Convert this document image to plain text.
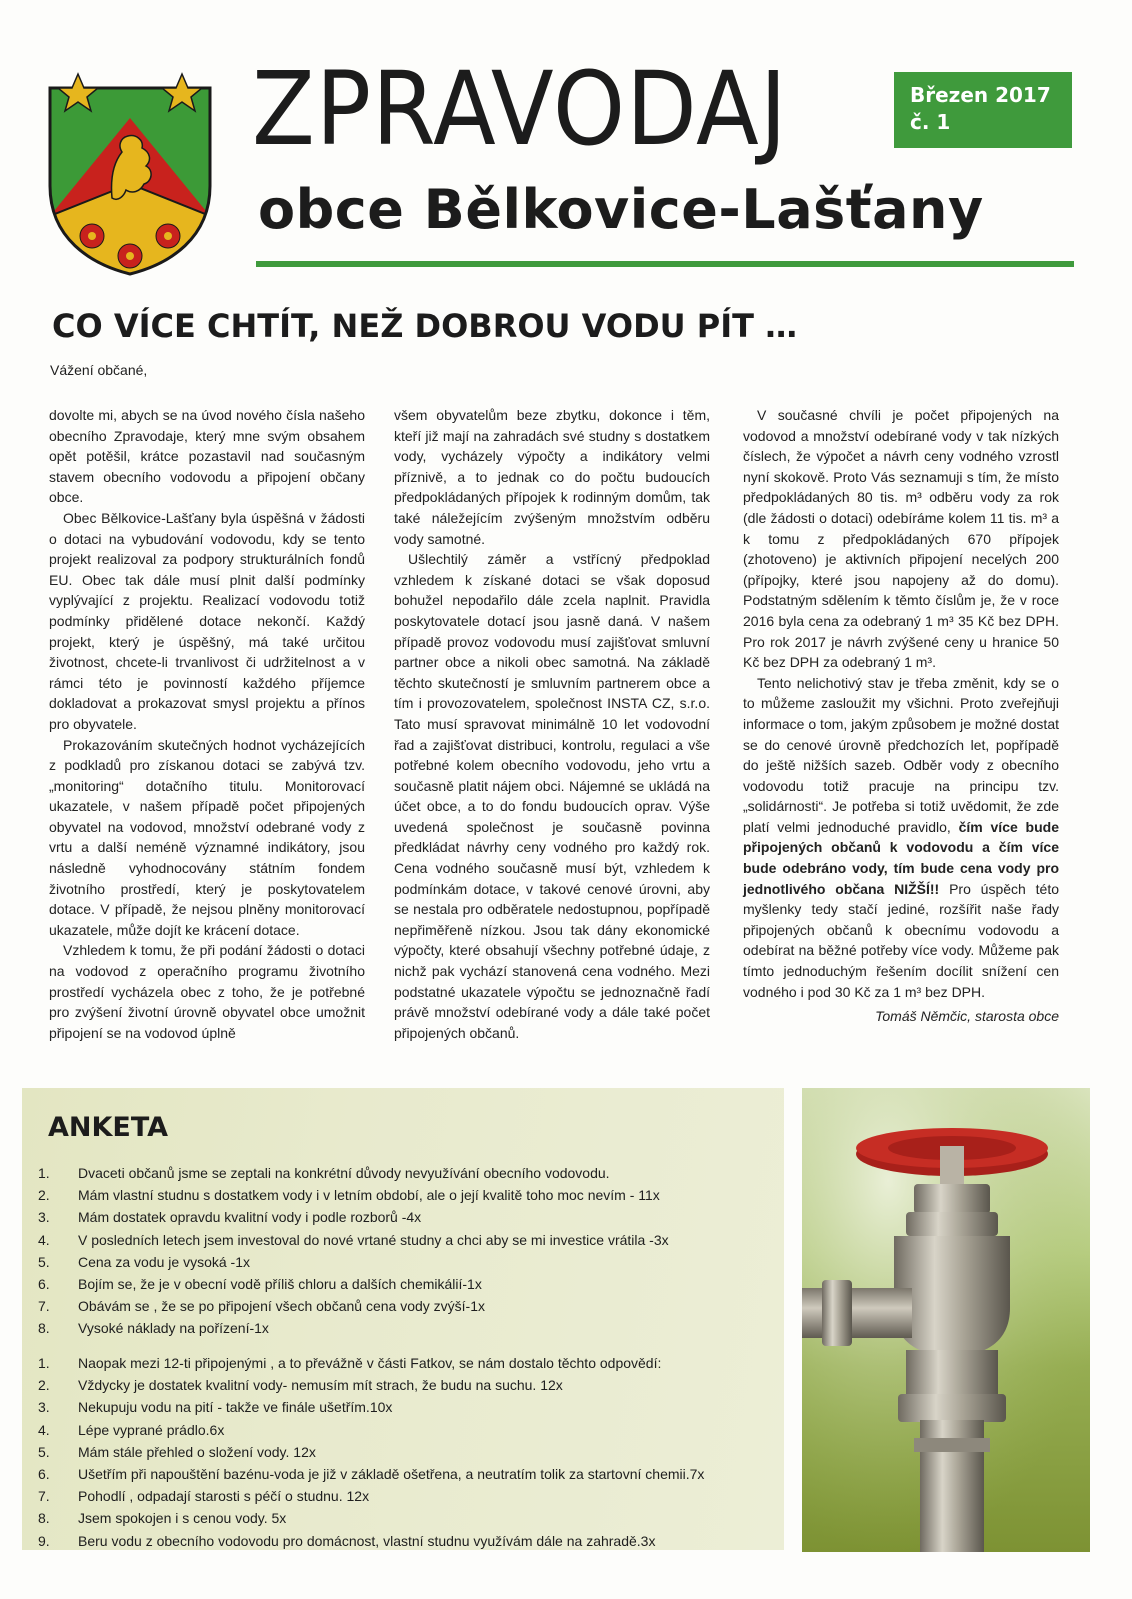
ZPRAVODAJ	Březen 2017
č. 1
obce Bělkovice-Lašťany
CO VÍCE CHTÍT, NEŽ DOBROU VODU PÍT …

Vážení občané,

dovolte mi, abych se na úvod nového čísla našeho obecního Zpravodaje, který mne svým obsahem opět potěšil, krátce pozastavil nad současným stavem obecního vodovodu a připojení občany obce.

Obec Bělkovice-Lašťany byla úspěšná v žádosti o dotaci na vybudování vodovodu, kdy se tento projekt realizoval za podpory strukturálních fondů EU. Obec tak dále musí plnit další podmínky vyplývající z projektu. Realizací vodovodu totiž podmínky přidělené dotace nekončí. Každý projekt, který je úspěšný, má také určitou životnost, chcete-li trvanlivost či udržitelnost a v rámci této je povinností každého příjemce dokladovat a prokazovat smysl projektu a přínos pro obyvatele.

Prokazováním skutečných hodnot vycházejících z podkladů pro získanou dotaci se zabývá tzv. „monitoring“ dotačního titulu. Monitorovací ukazatele, v našem případě počet připojených obyvatel na vodovod, množství odebrané vody z vrtu a další neméně významné indikátory, jsou následně vyhodnocovány státním fondem životního prostředí, který je poskytovatelem dotace. V případě, že nejsou plněny monitorovací ukazatele, může dojít ke krácení dotace.

Vzhledem k tomu, že při podání žádosti o dotaci na vodovod z operačního programu životního prostředí vycházela obec z toho, že je potřebné pro zvýšení životní úrovně obyvatel obce umožnit připojení se na vodovod úplně

všem obyvatelům beze zbytku, dokonce i těm, kteří již mají na zahradách své studny s dostatkem vody, vycházely výpočty a indikátory velmi příznivě, a to jednak co do počtu budoucích předpokládaných přípojek k rodinným domům, tak také náležejícím zvýšeným množstvím odběru vody samotné.

Ušlechtilý záměr a vstřícný předpoklad vzhledem k získané dotaci se však doposud bohužel nepodařilo dále zcela naplnit. Pravidla poskytovatele dotací jsou jasně daná. V našem případě provoz vodovodu musí zajišťovat smluvní partner obce a nikoli obec samotná. Na základě těchto skutečností je smluvním partnerem obce a tím i provozovatelem, společnost INSTA CZ, s.r.o. Tato musí spravovat minimálně 10 let vodovodní řad a zajišťovat distribuci, kontrolu, regulaci a vše potřebné kolem obecního vodovodu, jeho vrtu a současně platit nájem obci. Nájemné se ukládá na účet obce, a to do fondu budoucích oprav. Výše uvedená společnost je současně povinna předkládat návrhy ceny vodného pro každý rok. Cena vodného současně musí být, vzhledem k podmínkám dotace, v takové cenové úrovni, aby se nestala pro odběratele nedostupnou, popřípadě nepřiměřeně nízkou. Jsou tak dány ekonomické výpočty, které obsahují všechny potřebné údaje, z nichž pak vychází stanovená cena vodného. Mezi podstatné ukazatele výpočtu se jednoznačně řadí právě množství odebírané vody a dále také počet připojených občanů.

V současné chvíli je počet připojených na vodovod a množství odebírané vody v tak nízkých číslech, že výpočet a návrh ceny vodného vzrostl nyní skokově. Proto Vás seznamuji s tím, že místo předpokládaných 80 tis. m³ odběru vody za rok (dle žádosti o dotaci) odebíráme kolem 11 tis. m³ a k tomu z předpokládaných 670 přípojek (zhotoveno) je aktivních připojení necelých 200 (přípojky, které jsou napojeny až do domu). Podstatným sdělením k těmto číslům je, že v roce 2016 byla cena za odebraný 1 m³ 35 Kč bez DPH. Pro rok 2017 je návrh zvýšené ceny u hranice 50 Kč bez DPH za odebraný 1 m³.

Tento nelichotivý stav je třeba změnit, kdy se o to můžeme zasloužit my všichni. Proto zveřejňuji informace o tom, jakým způsobem je možné dostat se do cenové úrovně předchozích let, popřípadě do ještě nižších sazeb. Odběr vody z obecního vodovodu totiž pracuje na principu tzv. „solidárnosti“. Je potřeba si totiž uvědomit, že zde platí velmi jednoduché pravidlo, čím více bude připojených občanů k vodovodu a čím více bude odebráno vody, tím bude cena vody pro jednotlivého občana NIŽŠÍ!! Pro úspěch této myšlenky tedy stačí jediné, rozšířit naše řady připojených občanů k obecnímu vodovodu a odebírat na běžné potřeby více vody. Můžeme pak tímto jednoduchým řešením docílit snížení cen vodného i pod 30 Kč za 1 m³ bez DPH.

Tomáš Němčic, starosta obce

ANKETA
1. Dvaceti občanů jsme se zeptali na konkrétní důvody nevyužívání obecního vodovodu.
2. Mám vlastní studnu s dostatkem vody i v letním období, ale o její kvalitě toho moc nevím - 11x
3. Mám dostatek opravdu kvalitní vody i podle rozborů -4x
4. V posledních letech jsem investoval do nové vrtané studny a chci aby se mi investice vrátila -3x
5. Cena za vodu je vysoká -1x
6. Bojím se, že je v obecní vodě příliš chloru a dalších chemikálií-1x
7. Obávám se , že se po připojení všech občanů cena vody zvýší-1x
8. Vysoké náklady na pořízení-1x
1. Naopak mezi 12-ti připojenými , a to převážně v části Fatkov, se nám dostalo těchto odpovědí:
2. Vždycky je dostatek kvalitní vody- nemusím mít strach, že budu na suchu. 12x
3. Nekupuju vodu na pití - takže ve finále ušetřím.10x
4. Lépe vyprané prádlo.6x
5. Mám stále přehled o složení vody. 12x
6. Ušetřím při napouštění bazénu-voda je již v základě ošetřena, a neutratím tolik za startovní chemii.7x
7. Pohodlí , odpadají starosti s péčí o studnu. 12x
8. Jsem spokojen i s cenou vody. 5x
9. Beru vodu z obecního vodovodu pro domácnost, vlastní studnu využívám dále na zahradě.3x
